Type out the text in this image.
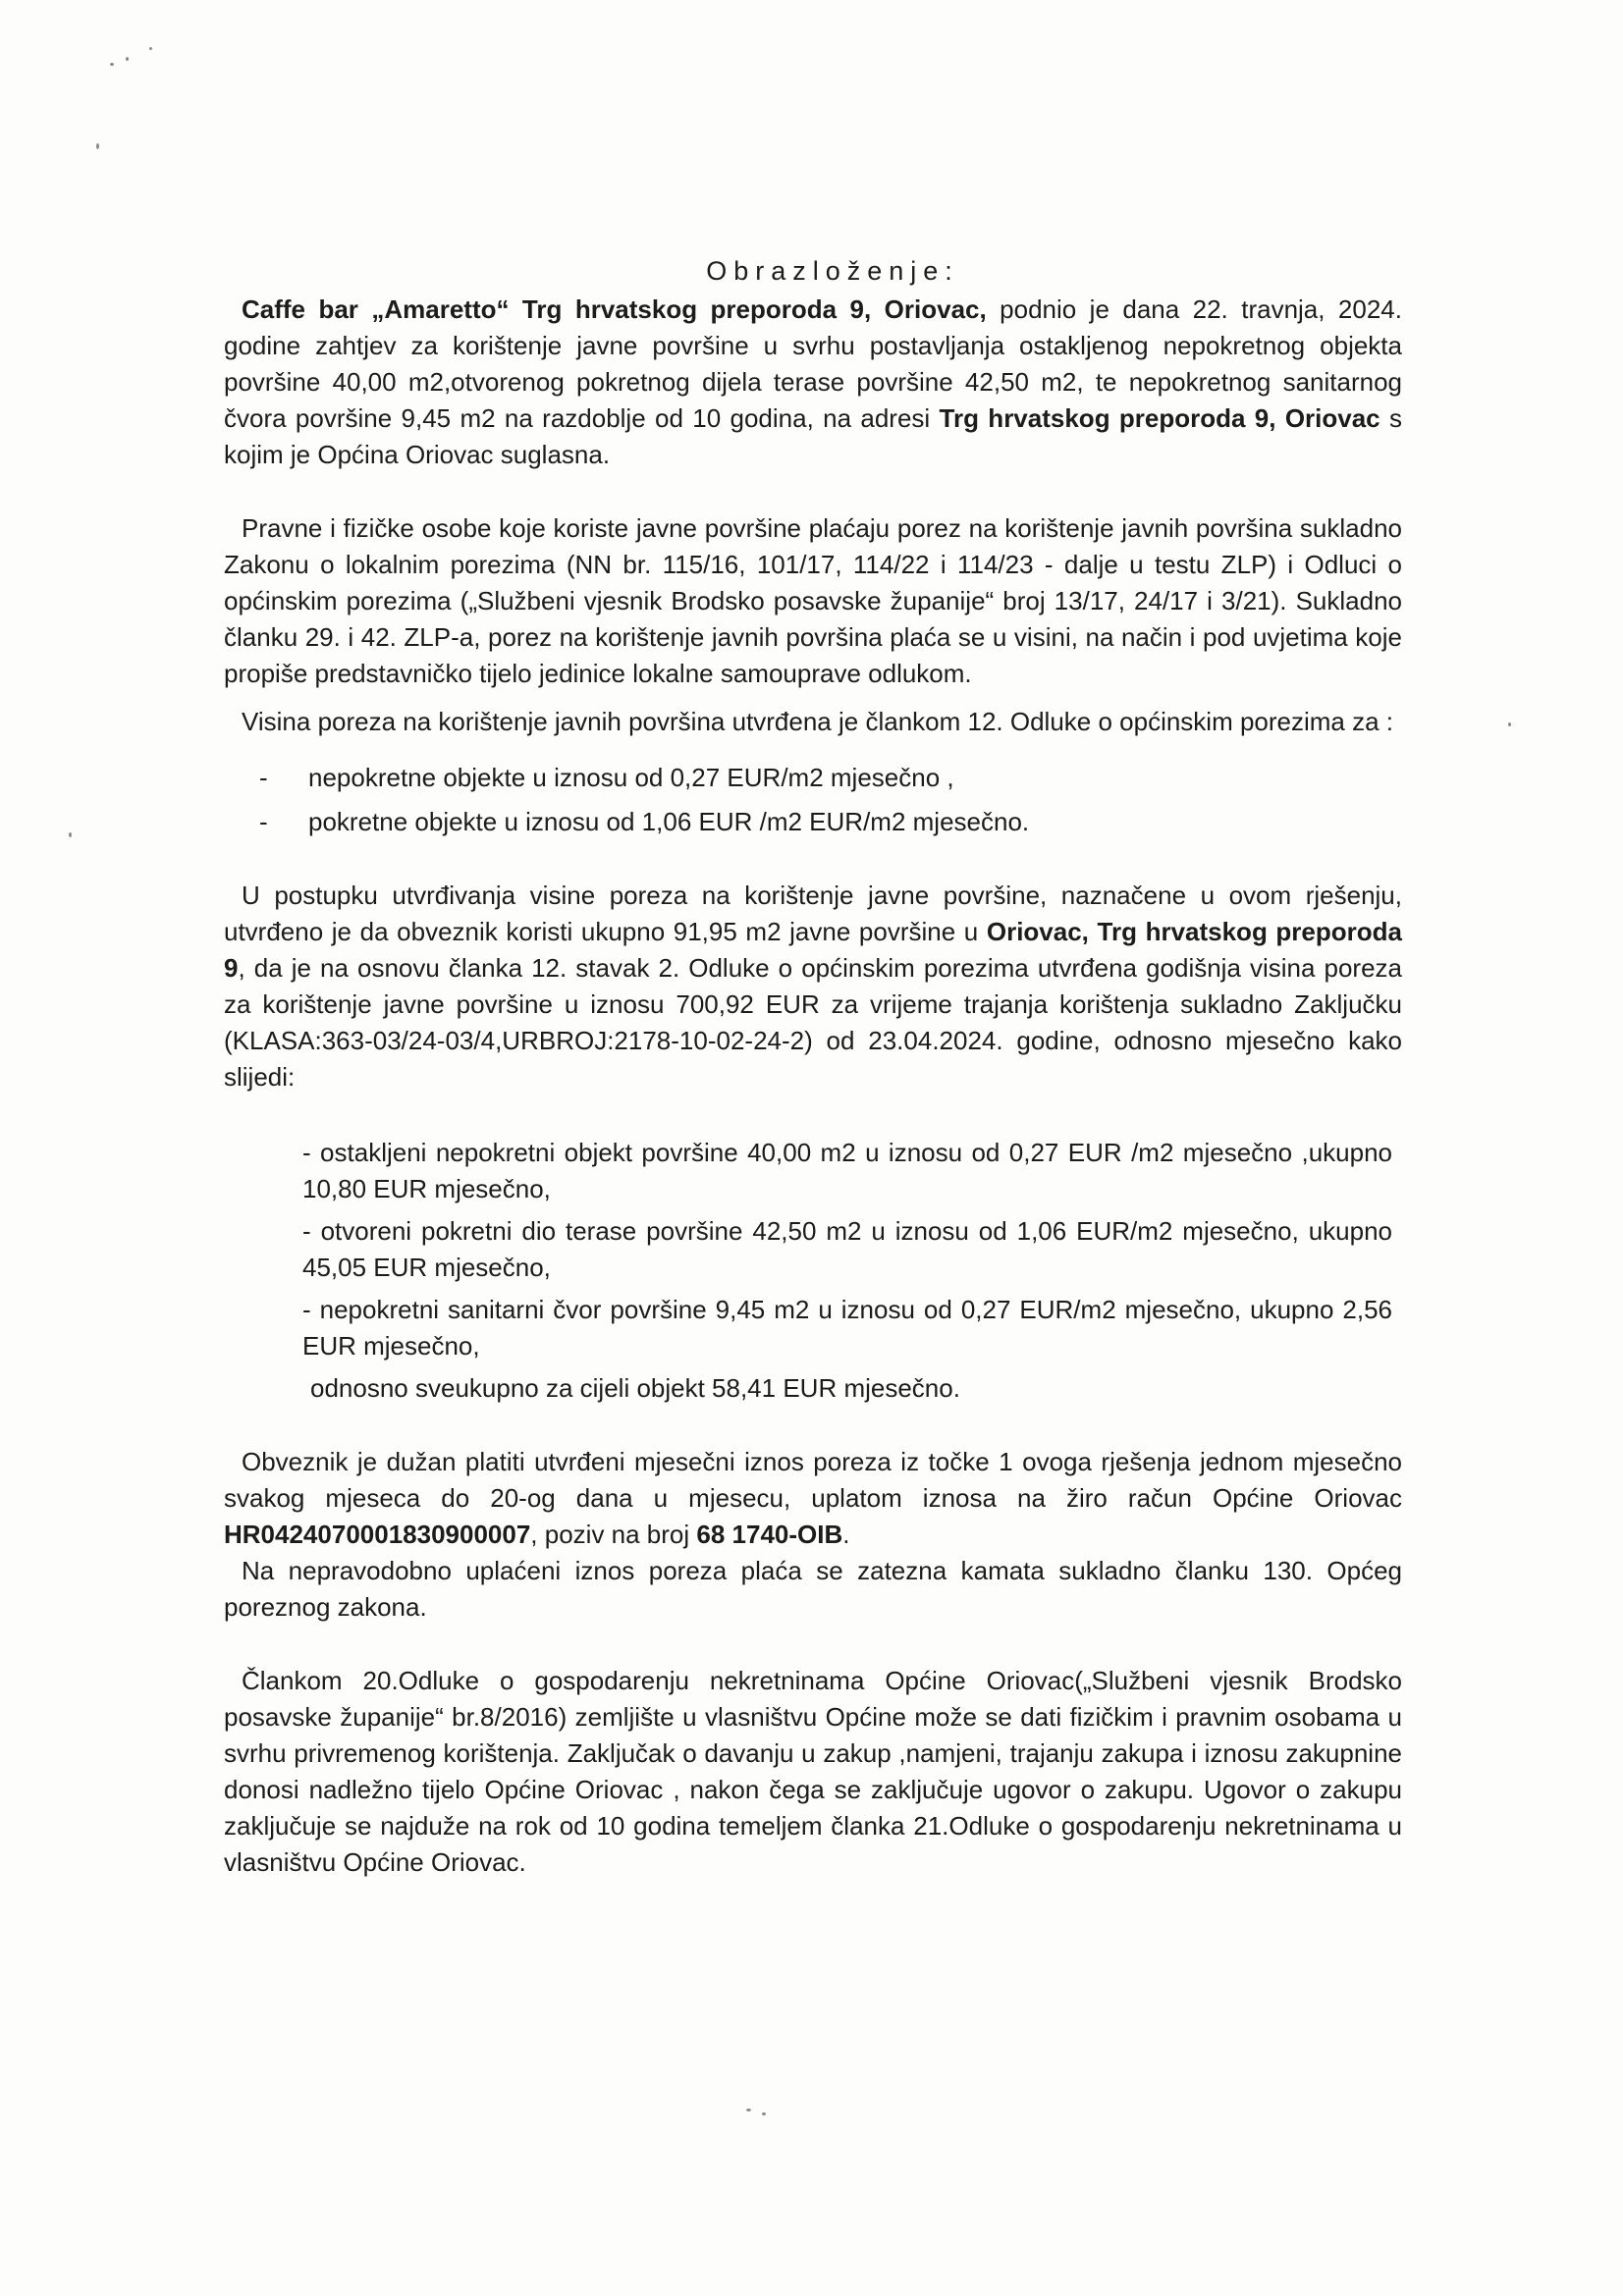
Obrazloženje:

Caffe bar „Amaretto“ Trg hrvatskog preporoda 9, Oriovac, podnio je dana 22. travnja, 2024. godine zahtjev za korištenje javne površine u svrhu postavljanja ostakljenog nepokretnog objekta površine 40,00 m2,otvorenog pokretnog dijela terase površine 42,50 m2, te nepokretnog sanitarnog čvora površine 9,45 m2 na razdoblje od 10 godina, na adresi Trg hrvatskog preporoda 9, Oriovac s kojim je Općina Oriovac suglasna.

Pravne i fizičke osobe koje koriste javne površine plaćaju porez na korištenje javnih površina sukladno Zakonu o lokalnim porezima (NN br. 115/16, 101/17, 114/22 i 114/23 - dalje u testu ZLP) i Odluci o općinskim porezima („Službeni vjesnik Brodsko posavske županije“ broj 13/17, 24/17 i 3/21). Sukladno članku 29. i 42. ZLP-a, porez na korištenje javnih površina plaća se u visini, na način i pod uvjetima koje propiše predstavničko tijelo jedinice lokalne samouprave odlukom.

Visina poreza na korištenje javnih površina utvrđena je člankom 12. Odluke o općinskim porezima za :

- nepokretne objekte u iznosu od 0,27 EUR/m2 mjesečno ,
- pokretne objekte u iznosu od 1,06 EUR /m2 EUR/m2 mjesečno.

U postupku utvrđivanja visine poreza na korištenje javne površine, naznačene u ovom rješenju, utvrđeno je da obveznik koristi ukupno 91,95 m2 javne površine u Oriovac, Trg hrvatskog preporoda 9, da je na osnovu članka 12. stavak 2. Odluke o općinskim porezima utvrđena godišnja visina poreza za korištenje javne površine u iznosu 700,92 EUR za vrijeme trajanja korištenja sukladno Zaključku (KLASA:363-03/24-03/4,URBROJ:2178-10-02-24-2) od 23.04.2024. godine, odnosno mjesečno kako slijedi:

- ostakljeni nepokretni objekt površine 40,00 m2 u iznosu od 0,27 EUR /m2 mjesečno ,ukupno 10,80 EUR mjesečno,

- otvoreni pokretni dio terase površine 42,50 m2 u iznosu od 1,06 EUR/m2 mjesečno, ukupno 45,05 EUR mjesečno,

- nepokretni sanitarni čvor površine 9,45 m2 u iznosu od 0,27 EUR/m2 mjesečno, ukupno 2,56 EUR mjesečno,

odnosno sveukupno za cijeli objekt 58,41 EUR mjesečno.

Obveznik je dužan platiti utvrđeni mjesečni iznos poreza iz točke 1 ovoga rješenja jednom mjesečno svakog mjeseca do 20-og dana u mjesecu, uplatom iznosa na žiro račun Općine Oriovac HR0424070001830900007, poziv na broj 68 1740-OIB.

Na nepravodobno uplaćeni iznos poreza plaća se zatezna kamata sukladno članku 130. Općeg poreznog zakona.

Člankom 20.Odluke o gospodarenju nekretninama Općine Oriovac(„Službeni vjesnik Brodsko posavske županije“ br.8/2016) zemljište u vlasništvu Općine može se dati fizičkim i pravnim osobama u svrhu privremenog korištenja. Zaključak o davanju u zakup ,namjeni, trajanju zakupa i iznosu zakupnine donosi nadležno tijelo Općine Oriovac , nakon čega se zaključuje ugovor o zakupu. Ugovor o zakupu zaključuje se najduže na rok od 10 godina temeljem članka 21.Odluke o gospodarenju nekretninama u vlasništvu Općine Oriovac.
